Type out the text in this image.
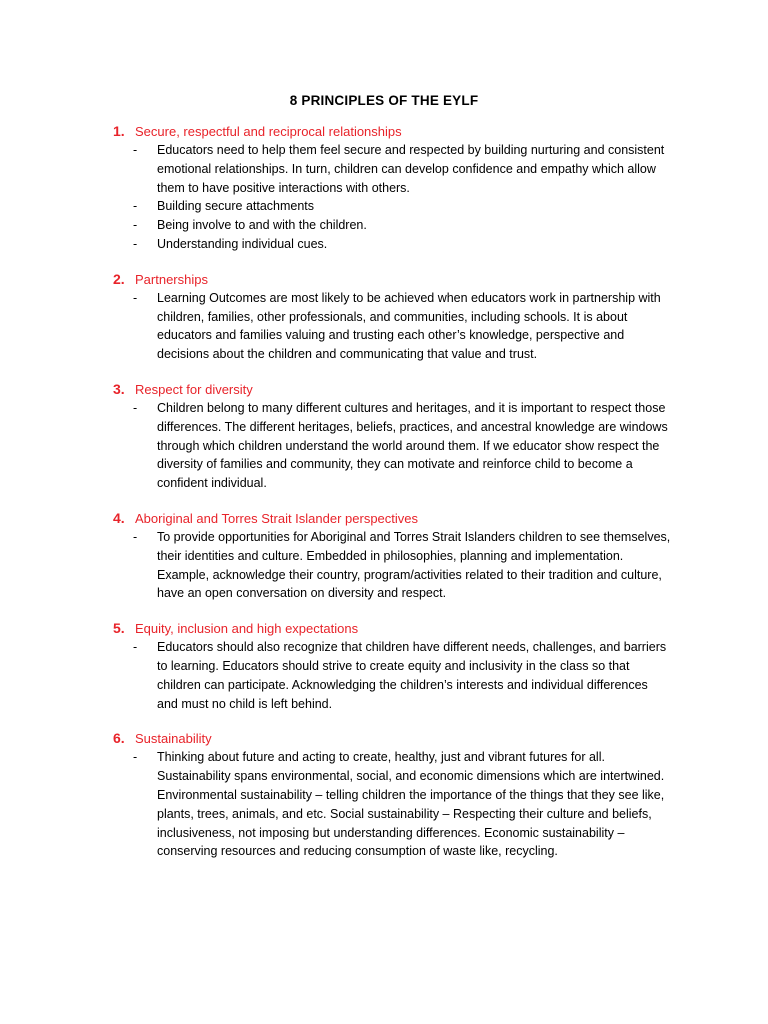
8 PRINCIPLES OF THE EYLF
1. Secure, respectful and reciprocal relationships
-	Educators need to help them feel secure and respected by building nurturing and consistent emotional relationships. In turn, children can develop confidence and empathy which allow them to have positive interactions with others.
-	Building secure attachments
-	Being involve to and with the children.
-	Understanding individual cues.
2. Partnerships
-	Learning Outcomes are most likely to be achieved when educators work in partnership with children, families, other professionals, and communities, including schools. It is about educators and families valuing and trusting each other’s knowledge, perspective and decisions about the children and communicating that value and trust.
3. Respect for diversity
-	Children belong to many different cultures and heritages, and it is important to respect those differences. The different heritages, beliefs, practices, and ancestral knowledge are windows through which children understand the world around them. If we educator show respect the diversity of families and community, they can motivate and reinforce child to become a confident individual.
4. Aboriginal and Torres Strait Islander perspectives
-	To provide opportunities for Aboriginal and Torres Strait Islanders children to see themselves, their identities and culture. Embedded in philosophies, planning and implementation. Example, acknowledge their country, program/activities related to their tradition and culture, have an open conversation on diversity and respect.
5. Equity, inclusion and high expectations
-	Educators should also recognize that children have different needs, challenges, and barriers to learning. Educators should strive to create equity and inclusivity in the class so that children can participate. Acknowledging the children’s interests and individual differences and must no child is left behind.
6. Sustainability
-	Thinking about future and acting to create, healthy, just and vibrant futures for all. Sustainability spans environmental, social, and economic dimensions which are intertwined. Environmental sustainability – telling children the importance of the things that they see like, plants, trees, animals, and etc. Social sustainability – Respecting their culture and beliefs, inclusiveness, not imposing but understanding differences. Economic sustainability – conserving resources and reducing consumption of waste like, recycling.
